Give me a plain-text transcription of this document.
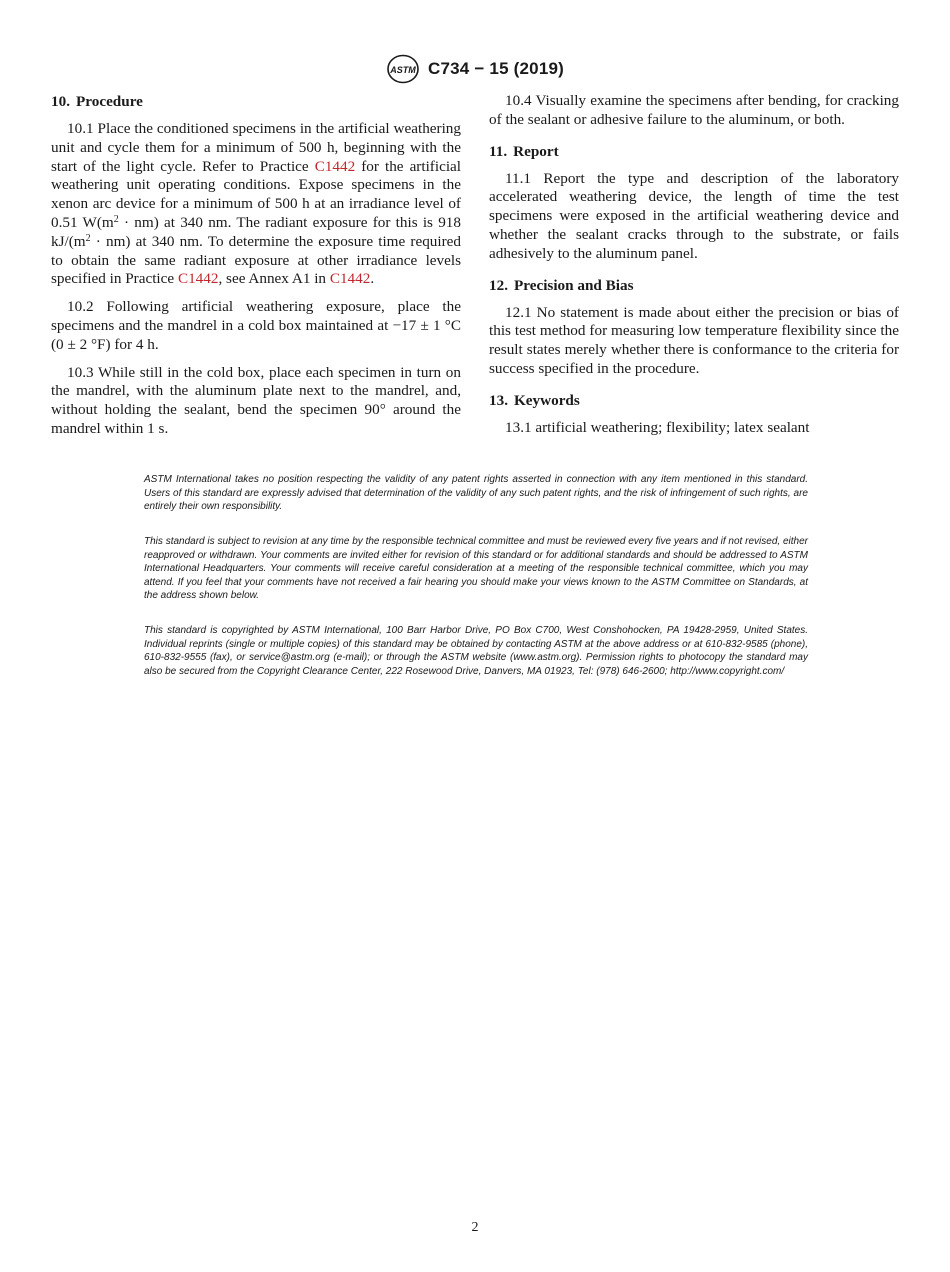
ASTM C734 − 15 (2019)
10. Procedure

10.1 Place the conditioned specimens in the artificial weathering unit and cycle them for a minimum of 500 h, beginning with the start of the light cycle. Refer to Practice C1442 for the artificial weathering unit operating conditions. Expose specimens in the xenon arc device for a minimum of 500 h at an irradiance level of 0.51 $W(m^2 \cdot nm)$ at 340 nm. The radiant exposure for this is 918 $kJ/(m^2 \cdot nm)$ at 340 nm. To determine the exposure time required to obtain the same radiant exposure at other irradiance levels specified in Practice C1442, see Annex A1 in C1442.

10.2 Following artificial weathering exposure, place the specimens and the mandrel in a cold box maintained at −17 ± 1 °C (0 ± 2 °F) for 4 h.

10.3 While still in the cold box, place each specimen in turn on the mandrel, with the aluminum plate next to the mandrel, and, without holding the sealant, bend the specimen 90° around the mandrel within 1 s.

10.4 Visually examine the specimens after bending, for cracking of the sealant or adhesive failure to the aluminum, or both.

11. Report

11.1 Report the type and description of the laboratory accelerated weathering device, the length of time the test specimens were exposed in the artificial weathering device and whether the sealant cracks through to the substrate, or fails adhesively to the aluminum panel.

12. Precision and Bias

12.1 No statement is made about either the precision or bias of this test method for measuring low temperature flexibility since the result states merely whether there is conformance to the criteria for success specified in the procedure.

13. Keywords

13.1 artificial weathering; flexibility; latex sealant

ASTM International takes no position respecting the validity of any patent rights asserted in connection with any item mentioned in this standard. Users of this standard are expressly advised that determination of the validity of any such patent rights, and the risk of infringement of such rights, are entirely their own responsibility.
This standard is subject to revision at any time by the responsible technical committee and must be reviewed every five years and if not revised, either reapproved or withdrawn. Your comments are invited either for revision of this standard or for additional standards and should be addressed to ASTM International Headquarters. Your comments will receive careful consideration at a meeting of the responsible technical committee, which you may attend. If you feel that your comments have not received a fair hearing you should make your views known to the ASTM Committee on Standards, at the address shown below.
This standard is copyrighted by ASTM International, 100 Barr Harbor Drive, PO Box C700, West Conshohocken, PA 19428-2959, United States. Individual reprints (single or multiple copies) of this standard may be obtained by contacting ASTM at the above address or at 610-832-9585 (phone), 610-832-9555 (fax), or service@astm.org (e-mail); or through the ASTM website (www.astm.org). Permission rights to photocopy the standard may also be secured from the Copyright Clearance Center, 222 Rosewood Drive, Danvers, MA 01923, Tel: (978) 646-2600; http://www.copyright.com/
2
